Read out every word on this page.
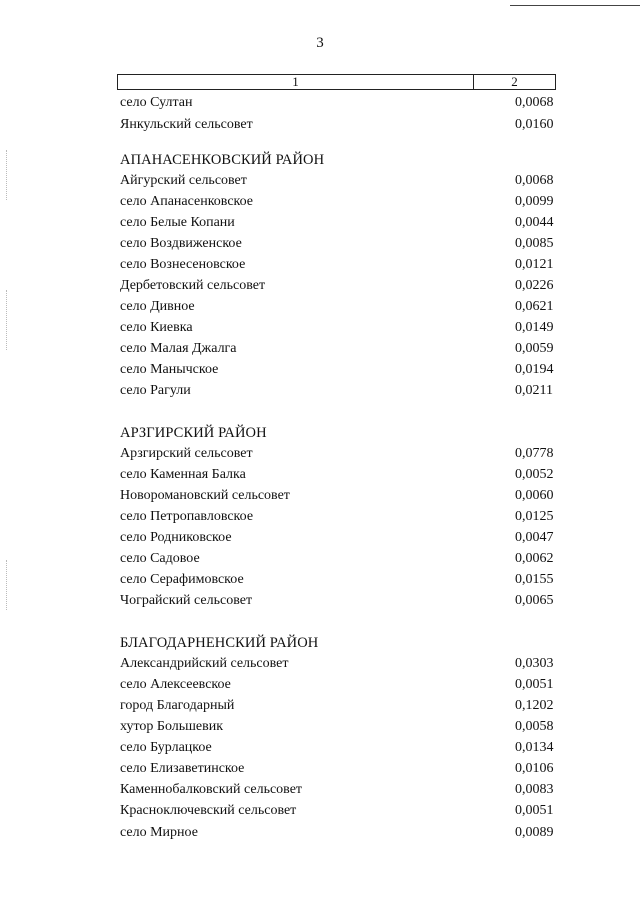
3
1	2
село Султан	0,0068
Янкульский сельсовет	0,0160
АПАНАСЕНКОВСКИЙ РАЙОН
Айгурский сельсовет	0,0068
село Апанасенковское	0,0099
село Белые Копани	0,0044
село Воздвиженское	0,0085
село Вознесеновское	0,0121
Дербетовский сельсовет	0,0226
село Дивное	0,0621
село Киевка	0,0149
село Малая Джалга	0,0059
село Манычское	0,0194
село Рагули	0,0211
АРЗГИРСКИЙ РАЙОН
Арзгирский сельсовет	0,0778
село Каменная Балка	0,0052
Новоромановский сельсовет	0,0060
село Петропавловское	0,0125
село Родниковское	0,0047
село Садовое	0,0062
село Серафимовское	0,0155
Чограйский сельсовет	0,0065
БЛАГОДАРНЕНСКИЙ РАЙОН
Александрийский сельсовет	0,0303
село Алексеевское	0,0051
город Благодарный	0,1202
хутор Большевик	0,0058
село Бурлацкое	0,0134
село Елизаветинское	0,0106
Каменнобалковский сельсовет	0,0083
Красноключевский сельсовет	0,0051
село Мирное	0,0089
